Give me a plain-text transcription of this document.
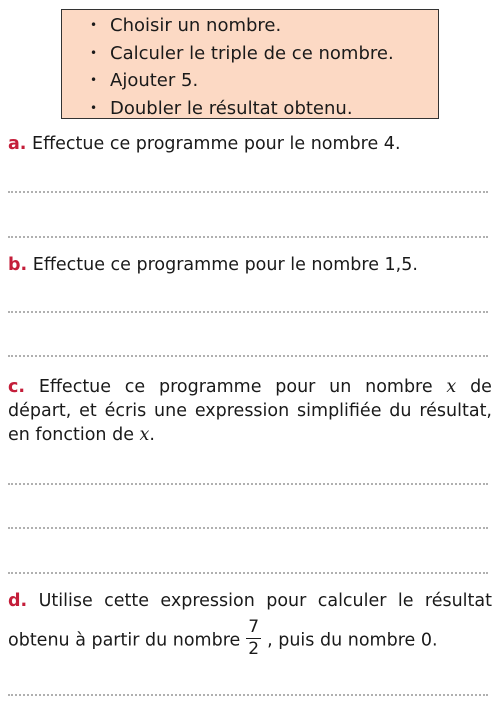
• Choisir un nombre.
• Calculer le triple de ce nombre.
• Ajouter 5.
• Doubler le résultat obtenu.
a. Effectue ce programme pour le nombre 4.
b. Effectue ce programme pour le nombre 1,5.
c. Effectue ce programme pour un nombre x de départ, et écris une expression simplifiée du résultat, en fonction de x.
d. Utilise cette expression pour calculer le résultat
obtenu à partir du nombre $\frac{7}{2}$ , puis du nombre 0.
